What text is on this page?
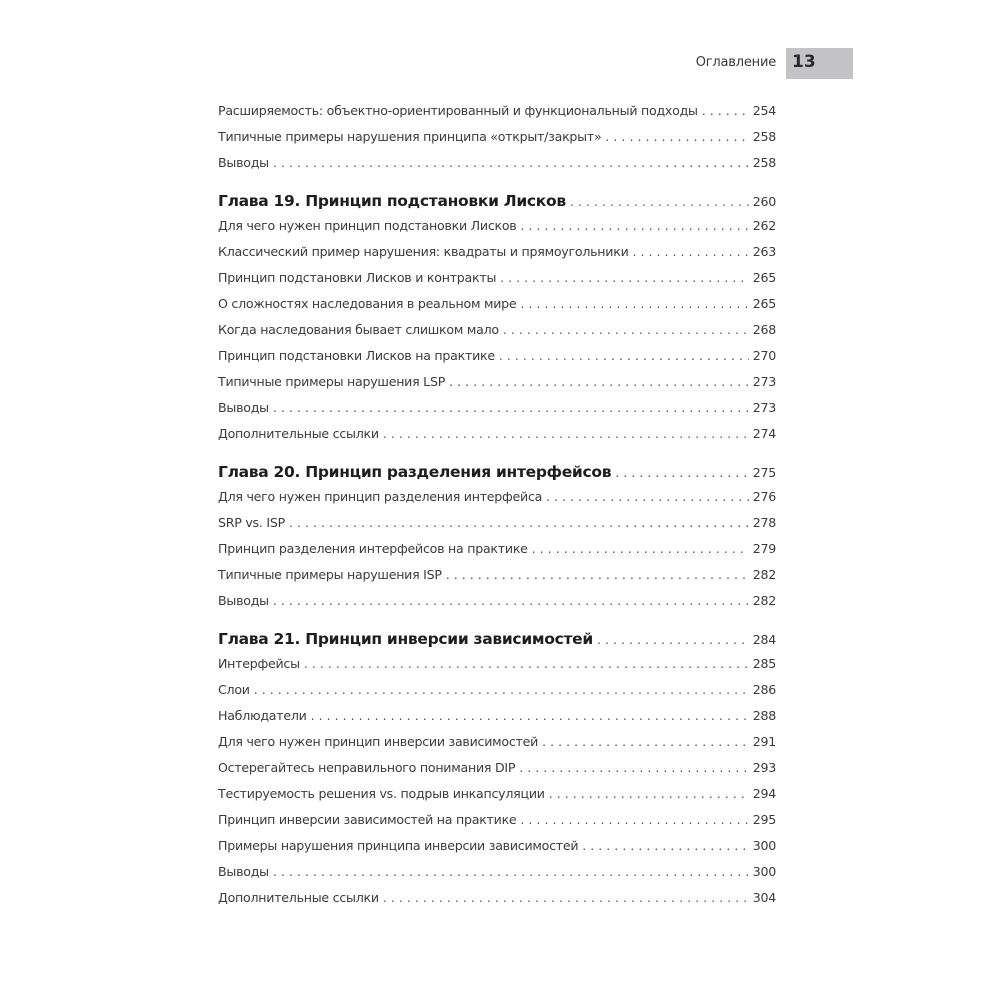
Оглавление 13
Расширяемость: объектно-ориентированный и функциональный подходы . . .	254
Типичные примеры нарушения принципа «открыт/закрыт» . . .	258
Выводы . . .	258
Глава 19. Принцип подстановки Лисков . . .	260
Для чего нужен принцип подстановки Лисков . . .	262
Классический пример нарушения: квадраты и прямоугольники . . .	263
Принцип подстановки Лисков и контракты . . .	265
О сложностях наследования в реальном мире . . .	265
Когда наследования бывает слишком мало . . .	268
Принцип подстановки Лисков на практике . . .	270
Типичные примеры нарушения LSP . . .	273
Выводы . . .	273
Дополнительные ссылки . . .	274
Глава 20. Принцип разделения интерфейсов . . .	275
Для чего нужен принцип разделения интерфейса . . .	276
SRP vs. ISP . . .	278
Принцип разделения интерфейсов на практике . . .	279
Типичные примеры нарушения ISP . . .	282
Выводы . . .	282
Глава 21. Принцип инверсии зависимостей . . .	284
Интерфейсы . . .	285
Слои . . .	286
Наблюдатели . . .	288
Для чего нужен принцип инверсии зависимостей . . .	291
Остерегайтесь неправильного понимания DIP . . .	293
Тестируемость решения vs. подрыв инкапсуляции . . .	294
Принцип инверсии зависимостей на практике . . .	295
Примеры нарушения принципа инверсии зависимостей . . .	300
Выводы . . .	300
Дополнительные ссылки . . .	304
